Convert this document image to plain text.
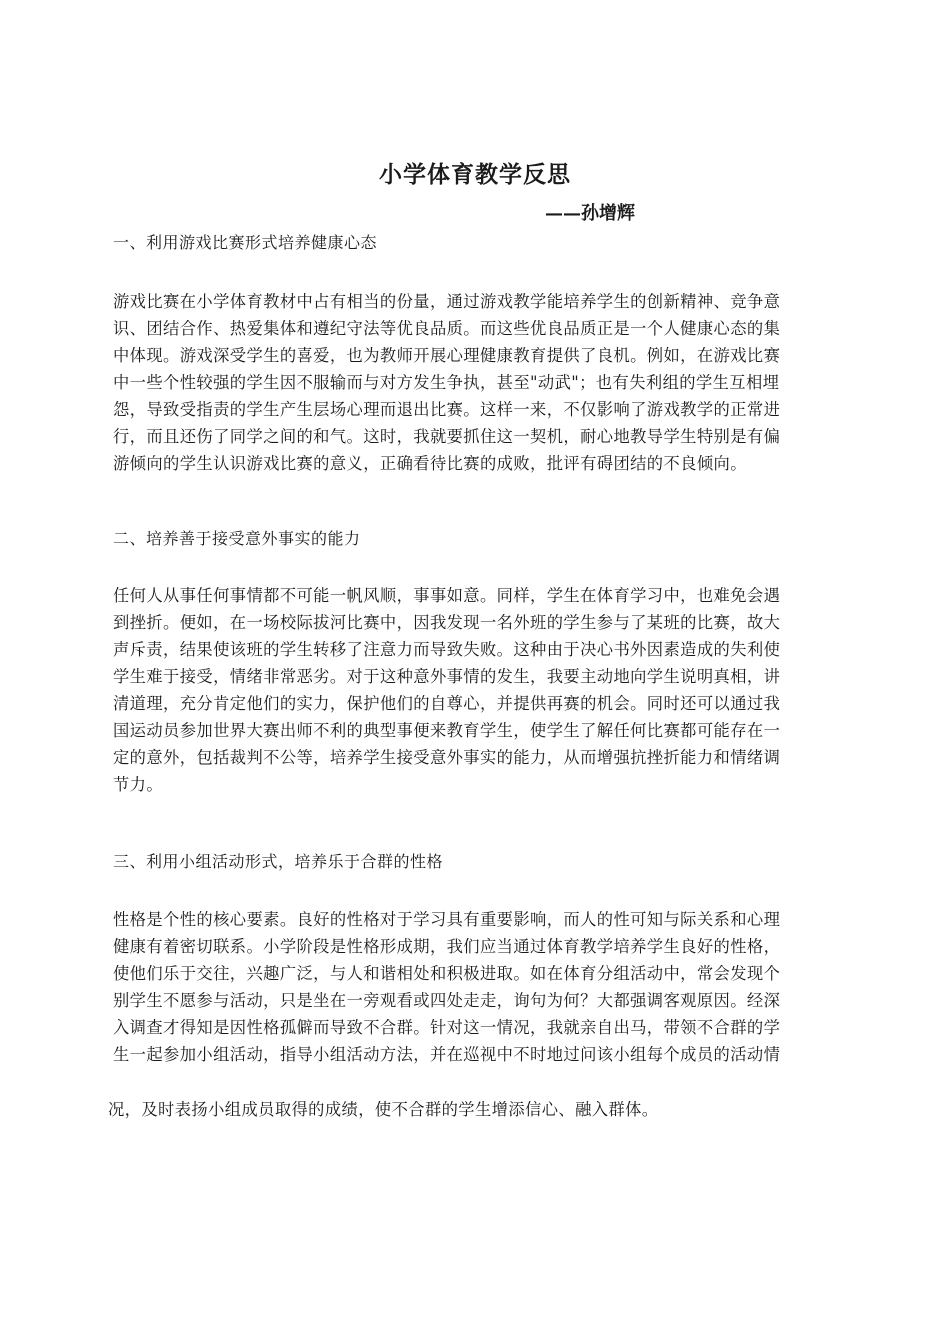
小学体育教学反思
——孙增辉
一、利用游戏比赛形式培养健康心态
游戏比赛在小学体育教材中占有相当的份量，通过游戏教学能培养学生的创新精神、竞争意
识、团结合作、热爱集体和遵纪守法等优良品质。而这些优良品质正是一个人健康心态的集
中体现。游戏深受学生的喜爱，也为教师开展心理健康教育提供了良机。例如，在游戏比赛
中一些个性较强的学生因不服输而与对方发生争执，甚至"动武"；也有失利组的学生互相埋
怨，导致受指责的学生产生层场心理而退出比赛。这样一来，不仅影响了游戏教学的正常进
行，而且还伤了同学之间的和气。这时，我就要抓住这一契机，耐心地教导学生特别是有偏
游倾向的学生认识游戏比赛的意义，正确看待比赛的成败，批评有碍团结的不良倾向。
二、培养善于接受意外事实的能力
任何人从事任何事情都不可能一帆风顺，事事如意。同样，学生在体育学习中，也难免会遇
到挫折。便如，在一场校际拔河比赛中，因我发现一名外班的学生参与了某班的比赛，故大
声斥责，结果使该班的学生转移了注意力而导致失败。这种由于决心书外因素造成的失利使
学生难于接受，情绪非常恶劣。对于这种意外事情的发生，我要主动地向学生说明真相，讲
清道理，充分肯定他们的实力，保护他们的自尊心，并提供再赛的机会。同时还可以通过我
国运动员参加世界大赛出师不利的典型事便来教育学生，使学生了解任何比赛都可能存在一
定的意外，包括裁判不公等，培养学生接受意外事实的能力，从而增强抗挫折能力和情绪调
节力。
三、利用小组活动形式，培养乐于合群的性格
性格是个性的核心要素。良好的性格对于学习具有重要影响，而人的性可知与际关系和心理
健康有着密切联系。小学阶段是性格形成期，我们应当通过体育教学培养学生良好的性格，
使他们乐于交往，兴趣广泛，与人和谐相处和积极进取。如在体育分组活动中，常会发现个
别学生不愿参与活动，只是坐在一旁观看或四处走走，询句为何？大都强调客观原因。经深
入调查才得知是因性格孤僻而导致不合群。针对这一情况，我就亲自出马，带领不合群的学
生一起参加小组活动，指导小组活动方法，并在巡视中不时地过问该小组每个成员的活动情
况，及时表扬小组成员取得的成绩，使不合群的学生增添信心、融入群体。
